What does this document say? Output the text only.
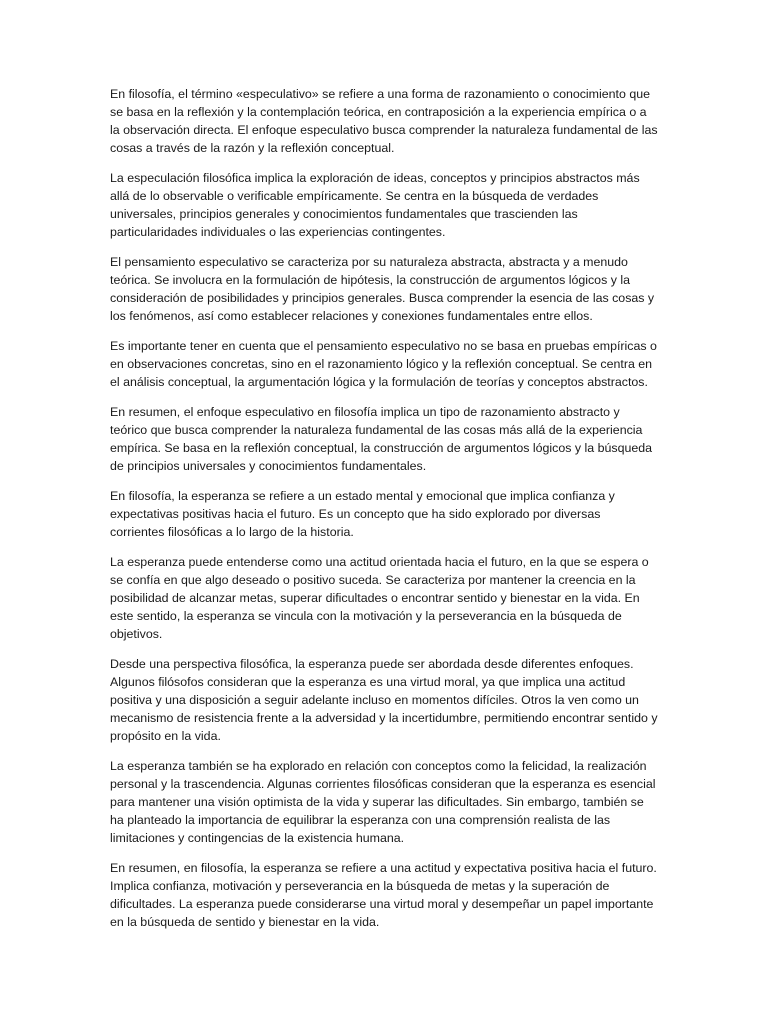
En filosofía, el término «especulativo» se refiere a una forma de razonamiento o conocimiento que se basa en la reflexión y la contemplación teórica, en contraposición a la experiencia empírica o a la observación directa. El enfoque especulativo busca comprender la naturaleza fundamental de las cosas a través de la razón y la reflexión conceptual.

La especulación filosófica implica la exploración de ideas, conceptos y principios abstractos más allá de lo observable o verificable empíricamente. Se centra en la búsqueda de verdades universales, principios generales y conocimientos fundamentales que trascienden las particularidades individuales o las experiencias contingentes.

El pensamiento especulativo se caracteriza por su naturaleza abstracta, abstracta y a menudo teórica. Se involucra en la formulación de hipótesis, la construcción de argumentos lógicos y la consideración de posibilidades y principios generales. Busca comprender la esencia de las cosas y los fenómenos, así como establecer relaciones y conexiones fundamentales entre ellos.

Es importante tener en cuenta que el pensamiento especulativo no se basa en pruebas empíricas o en observaciones concretas, sino en el razonamiento lógico y la reflexión conceptual. Se centra en el análisis conceptual, la argumentación lógica y la formulación de teorías y conceptos abstractos.

En resumen, el enfoque especulativo en filosofía implica un tipo de razonamiento abstracto y teórico que busca comprender la naturaleza fundamental de las cosas más allá de la experiencia empírica. Se basa en la reflexión conceptual, la construcción de argumentos lógicos y la búsqueda de principios universales y conocimientos fundamentales.

En filosofía, la esperanza se refiere a un estado mental y emocional que implica confianza y expectativas positivas hacia el futuro. Es un concepto que ha sido explorado por diversas corrientes filosóficas a lo largo de la historia.

La esperanza puede entenderse como una actitud orientada hacia el futuro, en la que se espera o se confía en que algo deseado o positivo suceda. Se caracteriza por mantener la creencia en la posibilidad de alcanzar metas, superar dificultades o encontrar sentido y bienestar en la vida. En este sentido, la esperanza se vincula con la motivación y la perseverancia en la búsqueda de objetivos.

Desde una perspectiva filosófica, la esperanza puede ser abordada desde diferentes enfoques. Algunos filósofos consideran que la esperanza es una virtud moral, ya que implica una actitud positiva y una disposición a seguir adelante incluso en momentos difíciles. Otros la ven como un mecanismo de resistencia frente a la adversidad y la incertidumbre, permitiendo encontrar sentido y propósito en la vida.

La esperanza también se ha explorado en relación con conceptos como la felicidad, la realización personal y la trascendencia. Algunas corrientes filosóficas consideran que la esperanza es esencial para mantener una visión optimista de la vida y superar las dificultades. Sin embargo, también se ha planteado la importancia de equilibrar la esperanza con una comprensión realista de las limitaciones y contingencias de la existencia humana.

En resumen, en filosofía, la esperanza se refiere a una actitud y expectativa positiva hacia el futuro. Implica confianza, motivación y perseverancia en la búsqueda de metas y la superación de dificultades. La esperanza puede considerarse una virtud moral y desempeñar un papel importante en la búsqueda de sentido y bienestar en la vida.
